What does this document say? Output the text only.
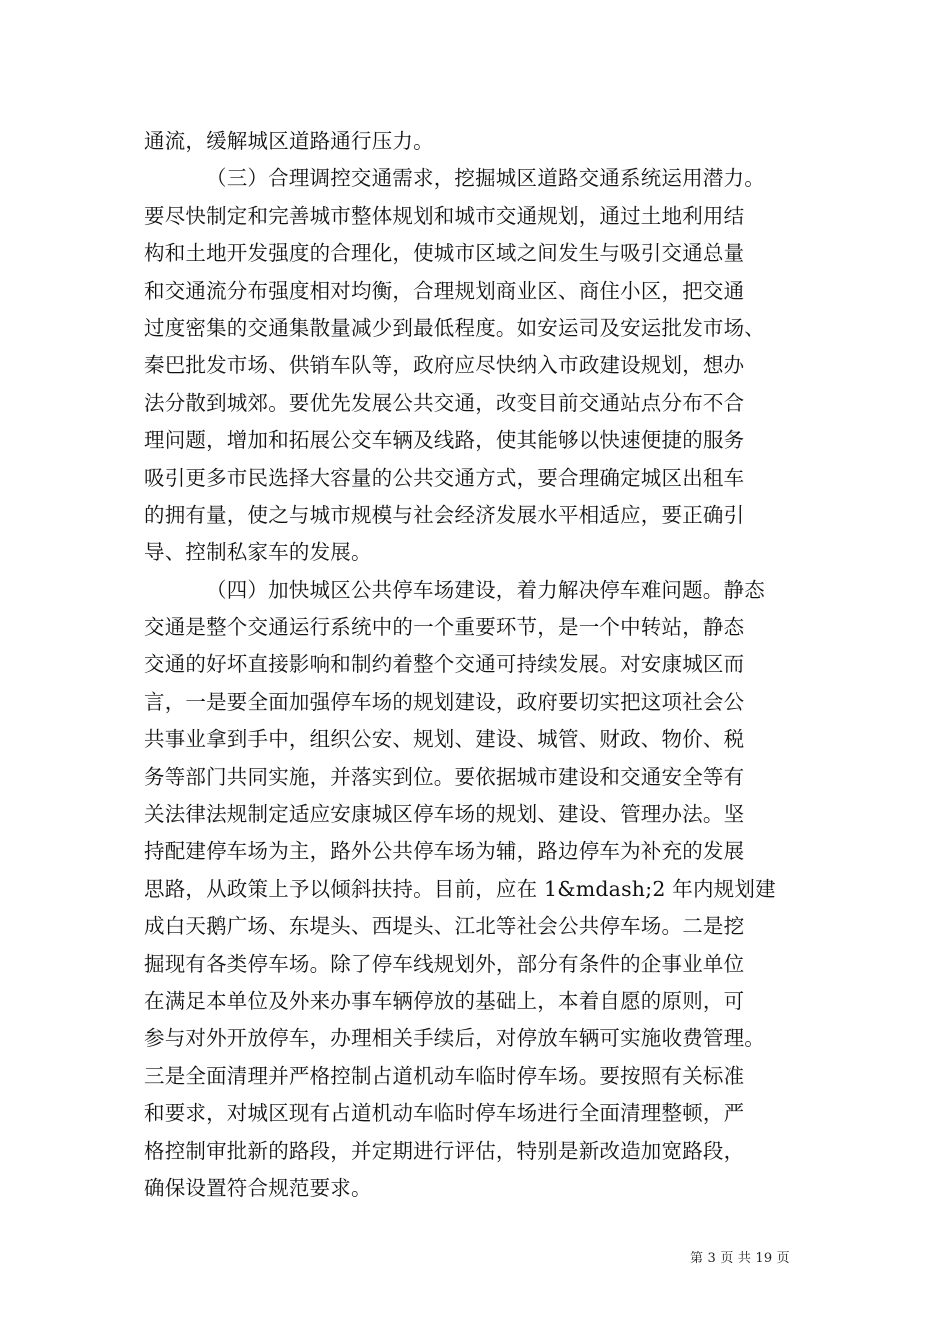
通流，缓解城区道路通行压力。
（三）合理调控交通需求，挖掘城区道路交通系统运用潜力。
要尽快制定和完善城市整体规划和城市交通规划，通过土地利用结
构和土地开发强度的合理化，使城市区域之间发生与吸引交通总量
和交通流分布强度相对均衡，合理规划商业区、商住小区，把交通
过度密集的交通集散量减少到最低程度。如安运司及安运批发市场、
秦巴批发市场、供销车队等，政府应尽快纳入市政建设规划，想办
法分散到城郊。要优先发展公共交通，改变目前交通站点分布不合
理问题，增加和拓展公交车辆及线路，使其能够以快速便捷的服务
吸引更多市民选择大容量的公共交通方式，要合理确定城区出租车
的拥有量，使之与城市规模与社会经济发展水平相适应，要正确引
导、控制私家车的发展。
（四）加快城区公共停车场建设，着力解决停车难问题。静态
交通是整个交通运行系统中的一个重要环节，是一个中转站，静态
交通的好坏直接影响和制约着整个交通可持续发展。对安康城区而
言，一是要全面加强停车场的规划建设，政府要切实把这项社会公
共事业拿到手中，组织公安、规划、建设、城管、财政、物价、税
务等部门共同实施，并落实到位。要依据城市建设和交通安全等有
关法律法规制定适应安康城区停车场的规划、建设、管理办法。坚
持配建停车场为主，路外公共停车场为辅，路边停车为补充的发展
思路，从政策上予以倾斜扶持。目前，应在 1&mdash;2 年内规划建
成白天鹅广场、东堤头、西堤头、江北等社会公共停车场。二是挖
掘现有各类停车场。除了停车线规划外，部分有条件的企事业单位
在满足本单位及外来办事车辆停放的基础上，本着自愿的原则，可
参与对外开放停车，办理相关手续后，对停放车辆可实施收费管理。
三是全面清理并严格控制占道机动车临时停车场。要按照有关标准
和要求，对城区现有占道机动车临时停车场进行全面清理整顿，严
格控制审批新的路段，并定期进行评估，特别是新改造加宽路段，
确保设置符合规范要求。
第 3 页 共 19 页
